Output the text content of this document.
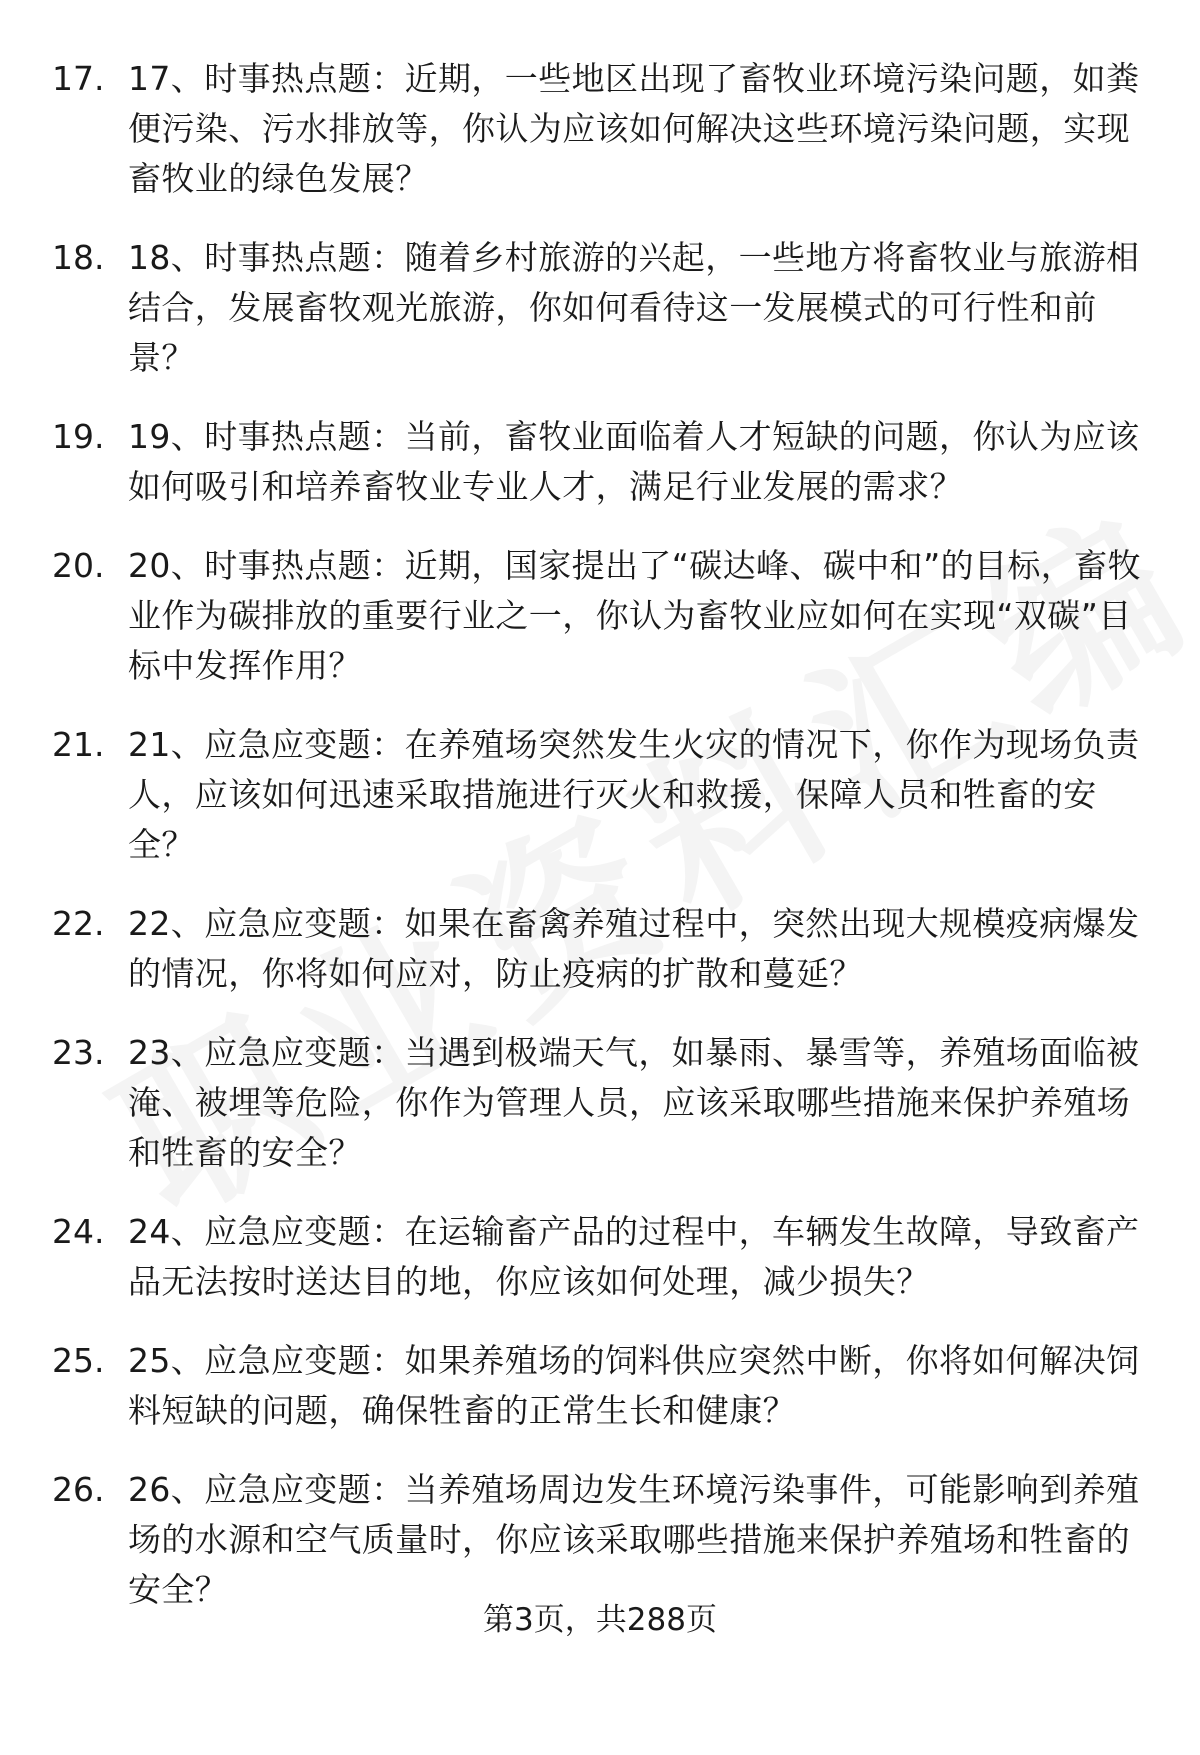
17. 17、时事热点题：近期，一些地区出现了畜牧业环境污染问题，如粪便污染、污水排放等，你认为应该如何解决这些环境污染问题，实现畜牧业的绿色发展？
18. 18、时事热点题：随着乡村旅游的兴起，一些地方将畜牧业与旅游相结合，发展畜牧观光旅游，你如何看待这一发展模式的可行性和前景？
19. 19、时事热点题：当前，畜牧业面临着人才短缺的问题，你认为应该如何吸引和培养畜牧业专业人才，满足行业发展的需求？
20. 20、时事热点题：近期，国家提出了“碳达峰、碳中和”的目标，畜牧业作为碳排放的重要行业之一，你认为畜牧业应如何在实现“双碳”目标中发挥作用？
21. 21、应急应变题：在养殖场突然发生火灾的情况下，你作为现场负责人，应该如何迅速采取措施进行灭火和救援，保障人员和牲畜的安全？
22. 22、应急应变题：如果在畜禽养殖过程中，突然出现大规模疫病爆发的情况，你将如何应对，防止疫病的扩散和蔓延？
23. 23、应急应变题：当遇到极端天气，如暴雨、暴雪等，养殖场面临被淹、被埋等危险，你作为管理人员，应该采取哪些措施来保护养殖场和牲畜的安全？
24. 24、应急应变题：在运输畜产品的过程中，车辆发生故障，导致畜产品无法按时送达目的地，你应该如何处理，减少损失？
25. 25、应急应变题：如果养殖场的饲料供应突然中断，你将如何解决饲料短缺的问题，确保牲畜的正常生长和健康？
26. 26、应急应变题：当养殖场周边发生环境污染事件，可能影响到养殖场的水源和空气质量时，你应该采取哪些措施来保护养殖场和牲畜的安全？
第3页，共288页
